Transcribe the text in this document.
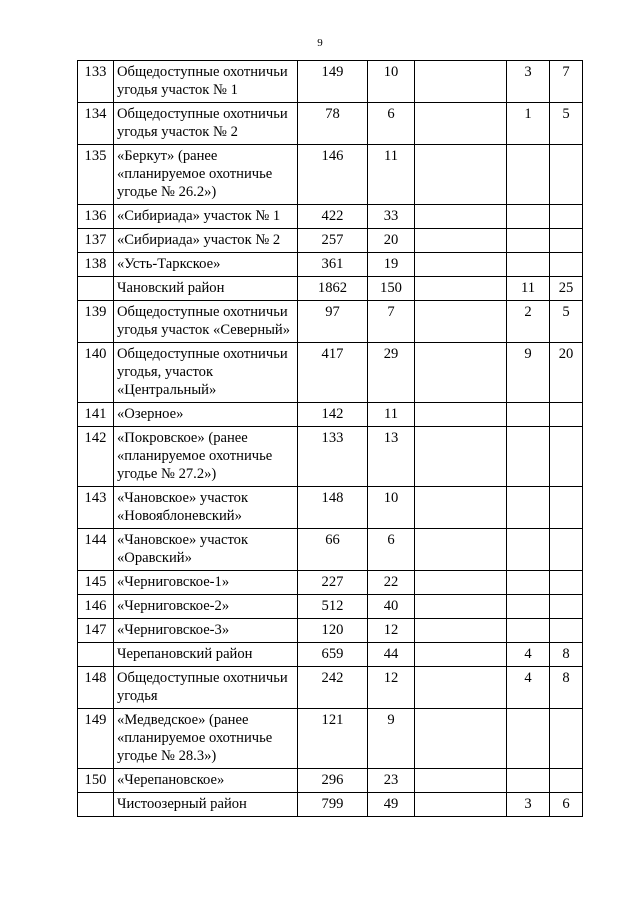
9
133	Общедоступные охотничьи угодья участок № 1	149	10		3	7
134	Общедоступные охотничьи угодья участок № 2	78	6		1	5
135	«Беркут» (ранее «планируемое охотничье угодье № 26.2»)	146	11			
136	«Сибириада» участок № 1	422	33			
137	«Сибириада» участок № 2	257	20			
138	«Усть-Таркское»	361	19			
	Чановский район	1862	150		11	25
139	Общедоступные охотничьи угодья участок «Северный»	97	7		2	5
140	Общедоступные охотничьи угодья, участок «Центральный»	417	29		9	20
141	«Озерное»	142	11			
142	«Покровское» (ранее «планируемое охотничье угодье № 27.2»)	133	13			
143	«Чановское» участок «Новояблоневский»	148	10			
144	«Чановское» участок «Оравский»	66	6			
145	«Черниговское-1»	227	22			
146	«Черниговское-2»	512	40			
147	«Черниговское-3»	120	12			
	Черепановский район	659	44		4	8
148	Общедоступные охотничьи угодья	242	12		4	8
149	«Медведское» (ранее «планируемое охотничье угодье № 28.3»)	121	9			
150	«Черепановское»	296	23			
	Чистоозерный район	799	49		3	6
